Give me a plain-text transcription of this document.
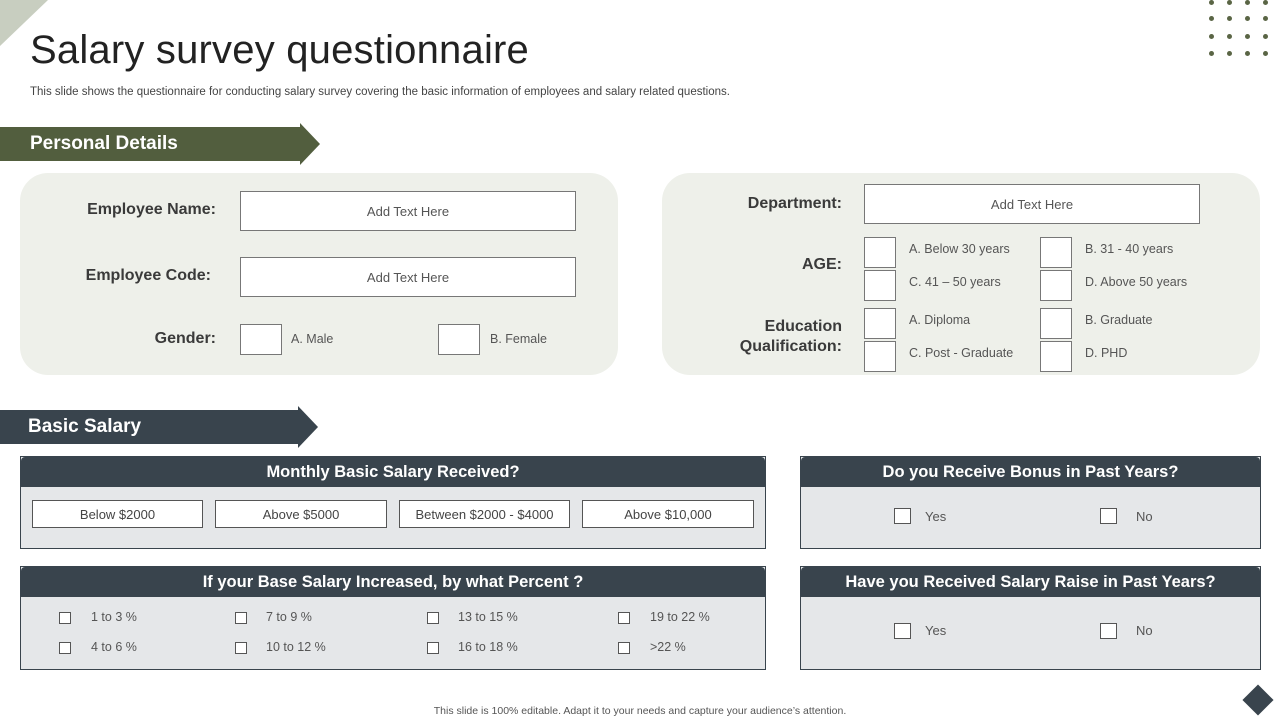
Salary survey questionnaire

This slide shows the questionnaire for conducting salary survey covering the basic information of employees and salary related questions.

Personal Details
Employee Name:	Add Text Here
Employee Code:	Add Text Here
Gender:	A. Male	B. Female
Department:	Add Text Here
AGE:
A. Below 30 years	B. 31 - 40 years
C. 41 – 50 years	D. Above 50 years
Education
Qualification:
A. Diploma	B. Graduate
C. Post - Graduate	D. PHD
Basic Salary
Monthly Basic Salary Received?
Below $2000	Above $5000	Between $2000 - $4000	Above $10,000
Do you Receive Bonus in Past Years?
Yes	No
If your Base Salary Increased, by what Percent ?
1 to 3 %	7 to 9 %	13 to 15 %	19 to 22 %
4 to 6 %	10 to 12 %	16 to 18 %	>22 %
Have you Received Salary Raise in Past Years?
Yes	No
This slide is 100% editable. Adapt it to your needs and capture your audience’s attention.
